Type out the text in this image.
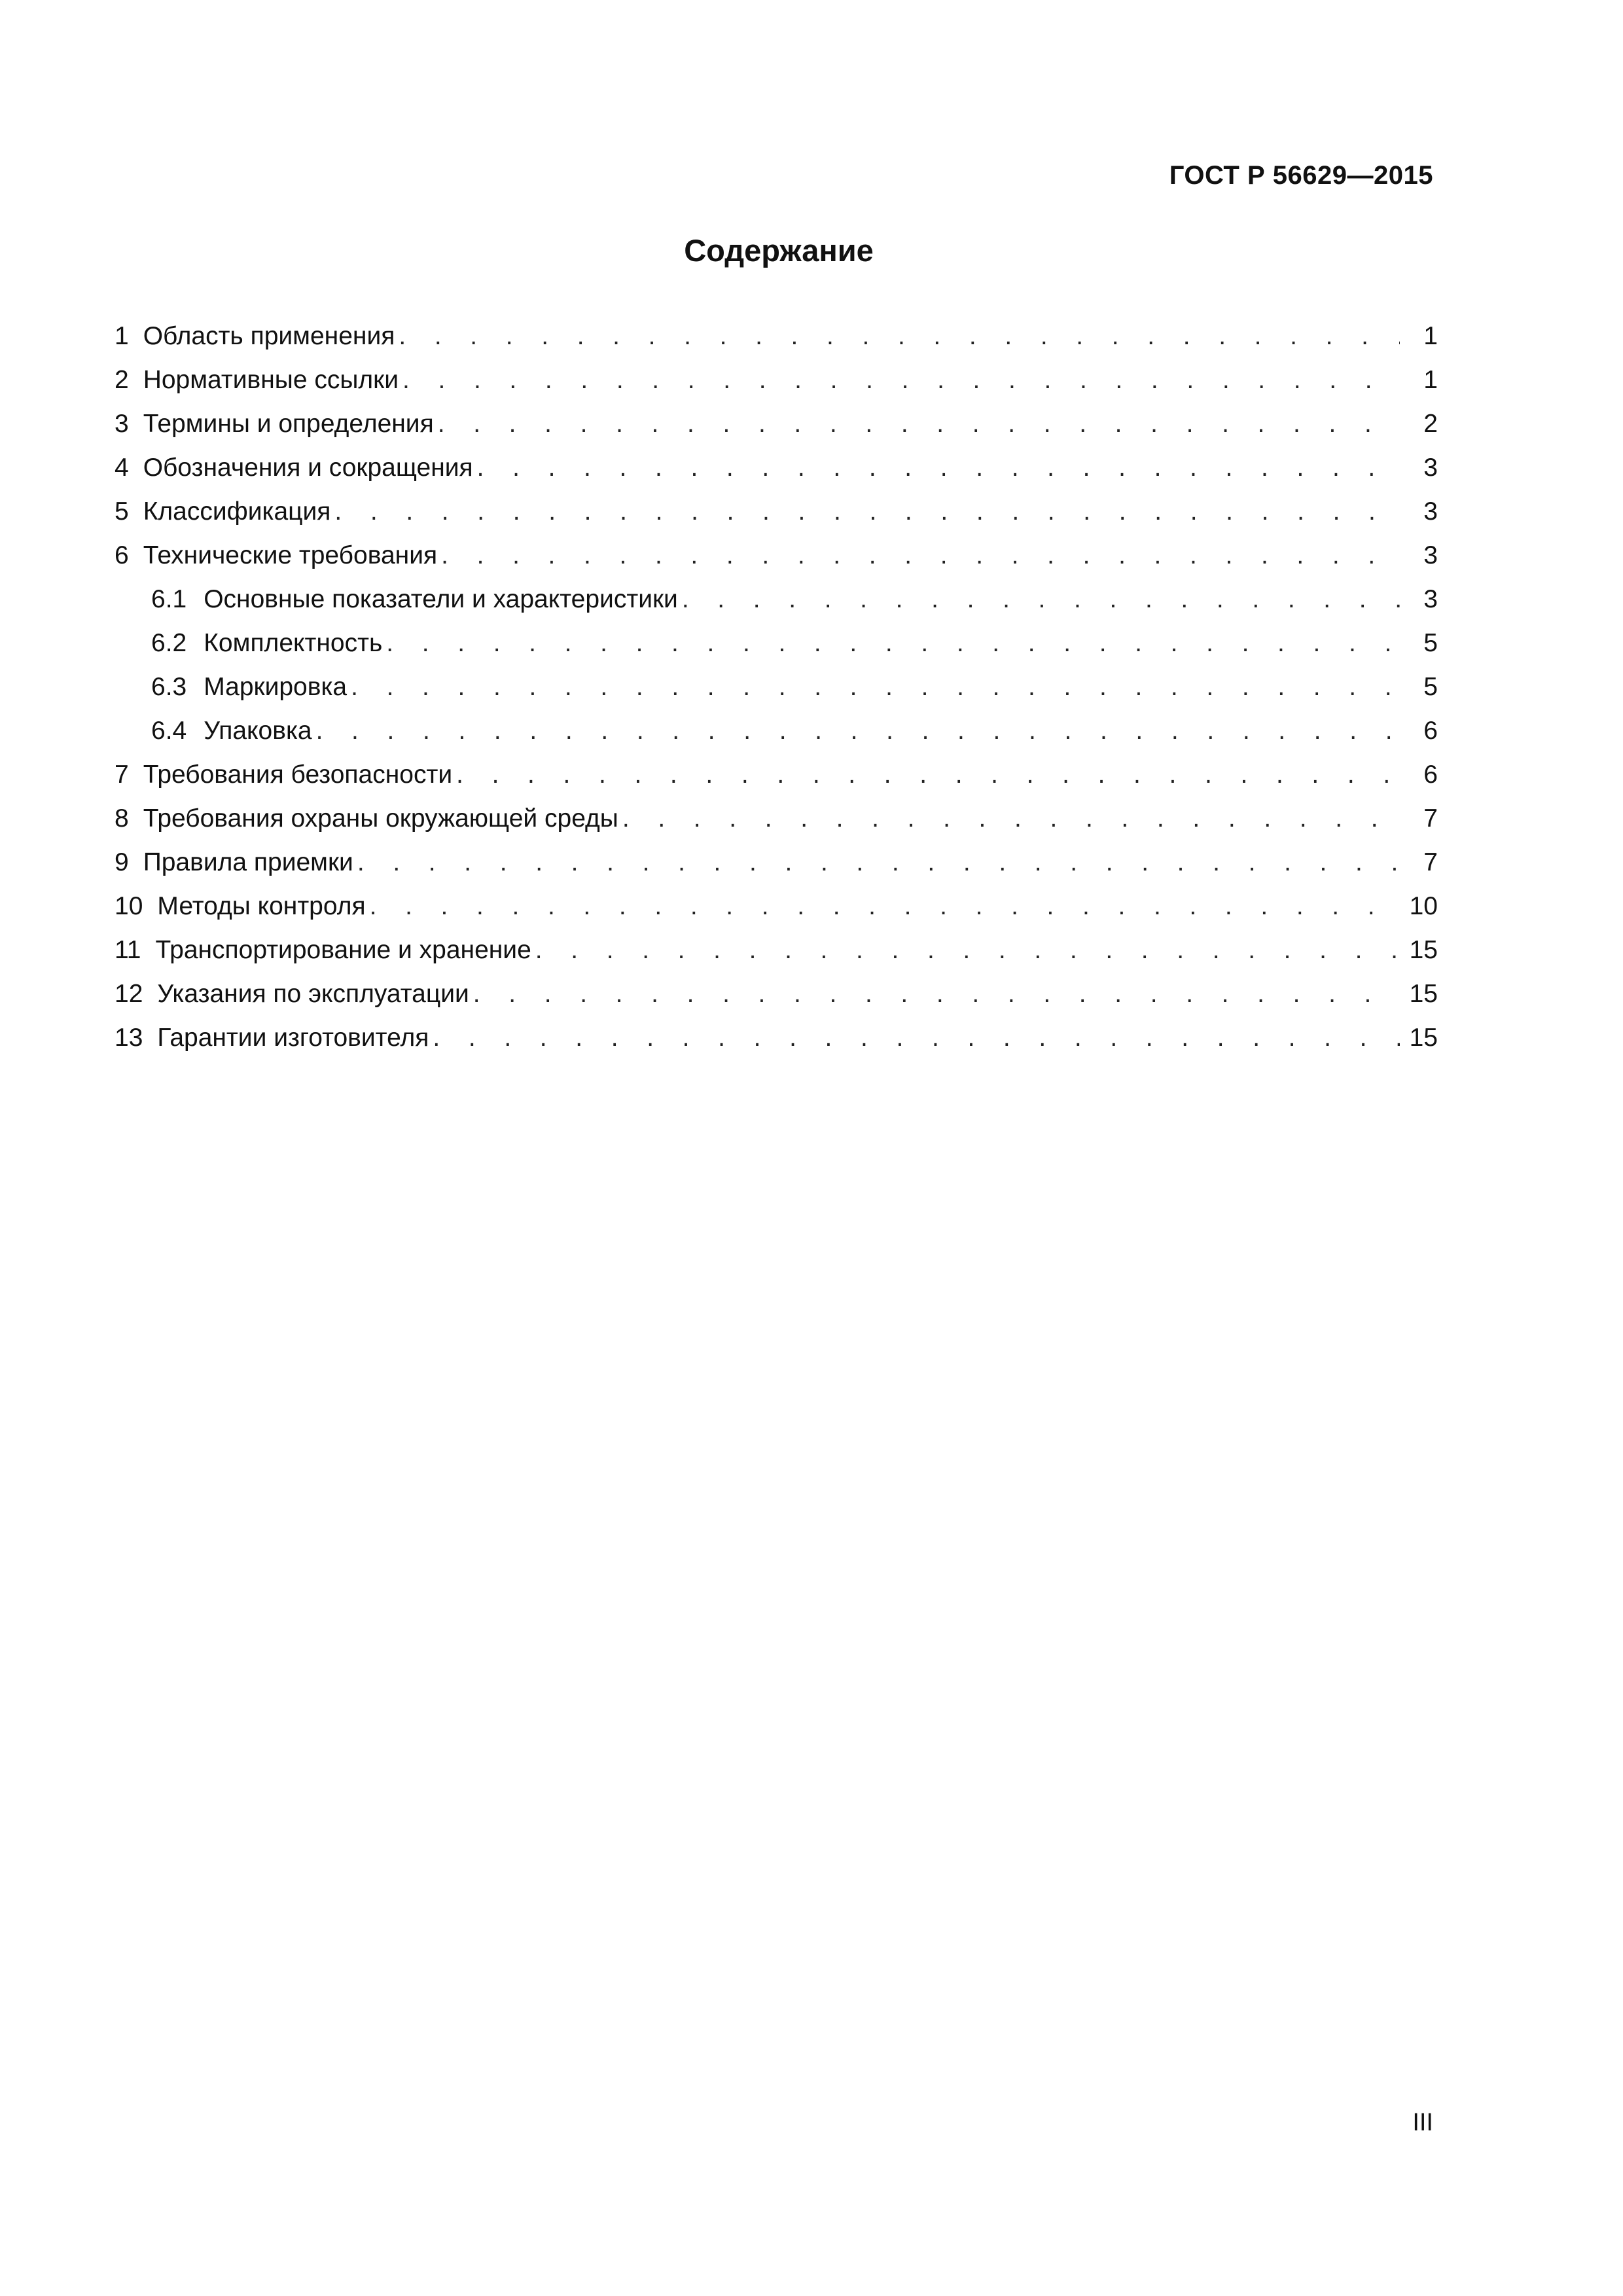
ГОСТ Р 56629—2015
Содержание
1 Область применения . . .	1
2 Нормативные ссылки . . .	1
3 Термины и определения . . .	2
4 Обозначения и сокращения . . .	3
5 Классификация . . .	3
6 Технические требования . . .	3
6.1 Основные показатели и характеристики . . .	3
6.2 Комплектность . . .	5
6.3 Маркировка . . .	5
6.4 Упаковка . . .	6
7 Требования безопасности . . .	6
8 Требования охраны окружающей среды . . .	7
9 Правила приемки . . .	7
10 Методы контроля . . .	10
11 Транспортирование и хранение . . .	15
12 Указания по эксплуатации . . .	15
13 Гарантии изготовителя . . .	15
III
